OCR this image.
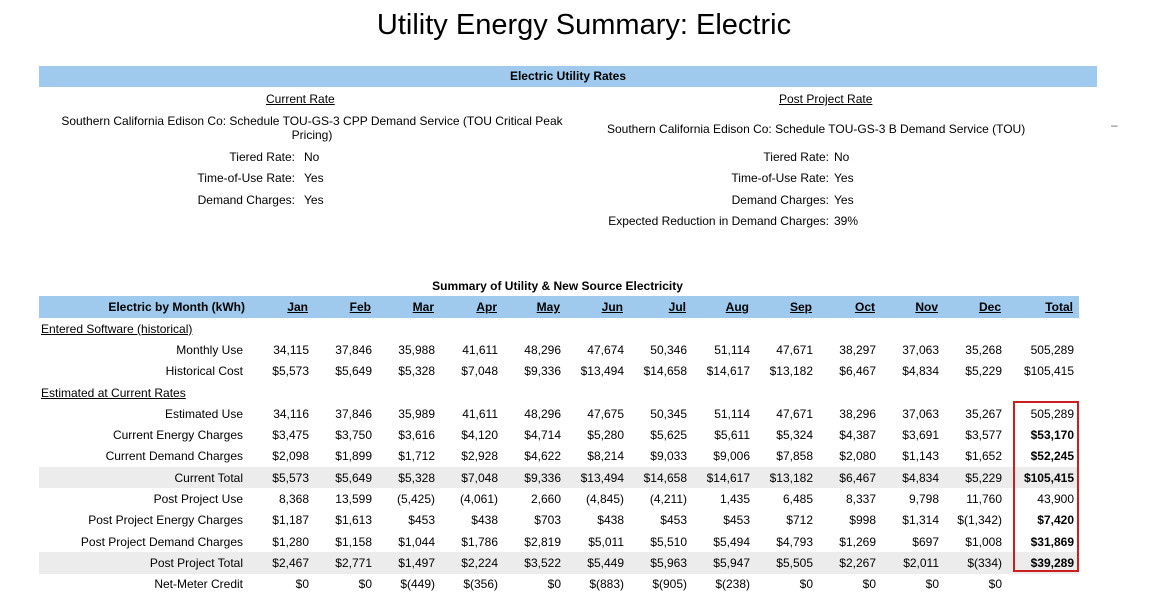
Utility Energy Summary: Electric
Electric Utility Rates
Current Rate	Post Project Rate
Southern California Edison Co: Schedule TOU-GS-3 CPP Demand Service (TOU Critical Peak Pricing)	Southern California Edison Co: Schedule TOU-GS-3 B Demand Service (TOU)	–
Tiered Rate: No
Time-of-Use Rate: Yes
Demand Charges: Yes
Tiered Rate: No
Time-of-Use Rate: Yes
Demand Charges: Yes
Expected Reduction in Demand Charges: 39%
Summary of Utility & New Source Electricity
Electric by Month (kWh)	Jan	Feb	Mar	Apr	May	Jun	Jul	Aug	Sep	Oct	Nov	Dec	Total
Entered Software (historical)													
Monthly Use	34,115	37,846	35,988	41,611	48,296	47,674	50,346	51,114	47,671	38,297	37,063	35,268	505,289
Historical Cost	$5,573	$5,649	$5,328	$7,048	$9,336	$13,494	$14,658	$14,617	$13,182	$6,467	$4,834	$5,229	$105,415
Estimated at Current Rates													
Estimated Use	34,116	37,846	35,989	41,611	48,296	47,675	50,345	51,114	47,671	38,296	37,063	35,267	505,289
Current Energy Charges	$3,475	$3,750	$3,616	$4,120	$4,714	$5,280	$5,625	$5,611	$5,324	$4,387	$3,691	$3,577	$53,170
Current Demand Charges	$2,098	$1,899	$1,712	$2,928	$4,622	$8,214	$9,033	$9,006	$7,858	$2,080	$1,143	$1,652	$52,245
Current Total	$5,573	$5,649	$5,328	$7,048	$9,336	$13,494	$14,658	$14,617	$13,182	$6,467	$4,834	$5,229	$105,415
Post Project Use	8,368	13,599	(5,425)	(4,061)	2,660	(4,845)	(4,211)	1,435	6,485	8,337	9,798	11,760	43,900
Post Project Energy Charges	$1,187	$1,613	$453	$438	$703	$438	$453	$453	$712	$998	$1,314	$(1,342)	$7,420
Post Project Demand Charges	$1,280	$1,158	$1,044	$1,786	$2,819	$5,011	$5,510	$5,494	$4,793	$1,269	$697	$1,008	$31,869
Post Project Total	$2,467	$2,771	$1,497	$2,224	$3,522	$5,449	$5,963	$5,947	$5,505	$2,267	$2,011	$(334)	$39,289
Net-Meter Credit	$0	$0	$(449)	$(356)	$0	$(883)	$(905)	$(238)	$0	$0	$0	$0	
